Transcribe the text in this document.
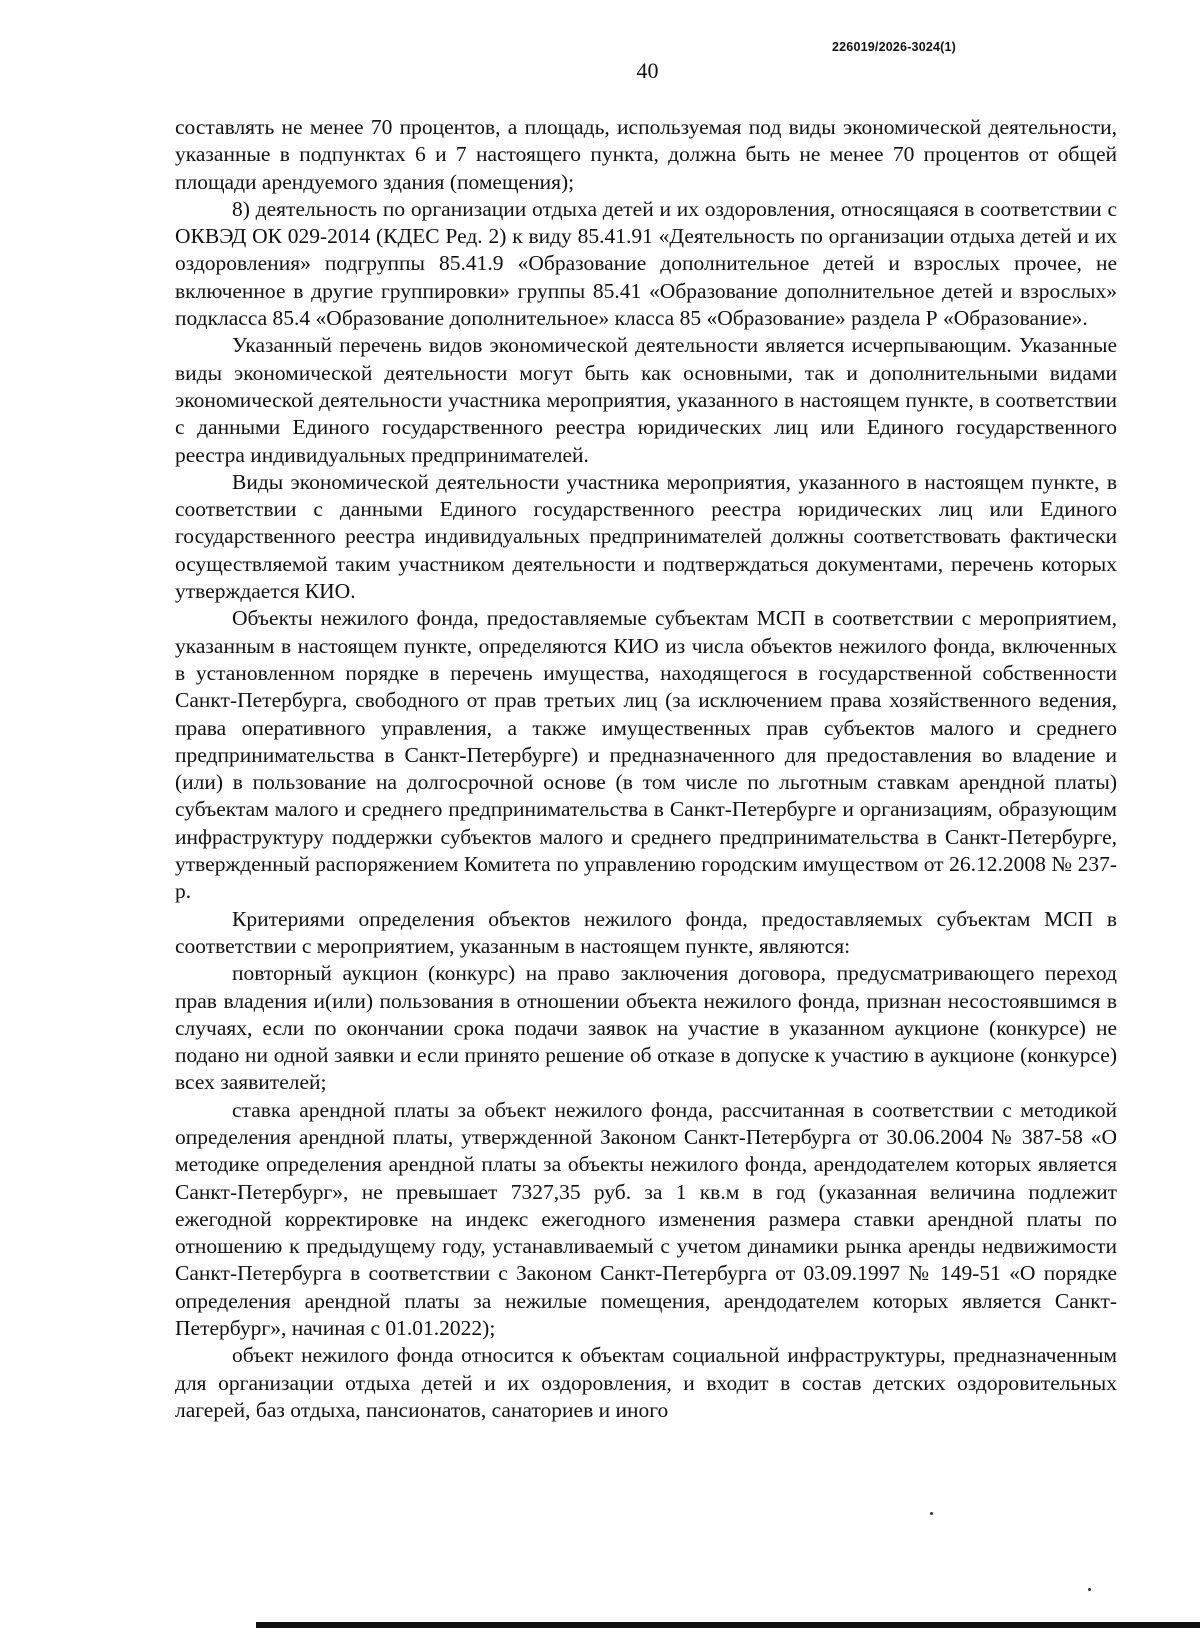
226019/2026-3024(1)
40

составлять не менее 70 процентов, а площадь, используемая под виды экономической деятельности, указанные в подпунктах 6 и 7 настоящего пункта, должна быть не менее 70 процентов от общей площади арендуемого здания (помещения);

8) деятельность по организации отдыха детей и их оздоровления, относящаяся в соответствии с ОКВЭД ОК 029-2014 (КДЕС Ред. 2) к виду 85.41.91 «Деятельность по организации отдыха детей и их оздоровления» подгруппы 85.41.9 «Образование дополнительное детей и взрослых прочее, не включенное в другие группировки» группы 85.41 «Образование дополнительное детей и взрослых» подкласса 85.4 «Образование дополнительное» класса 85 «Образование» раздела Р «Образование».

Указанный перечень видов экономической деятельности является исчерпывающим. Указанные виды экономической деятельности могут быть как основными, так и дополнительными видами экономической деятельности участника мероприятия, указанного в настоящем пункте, в соответствии с данными Единого государственного реестра юридических лиц или Единого государственного реестра индивидуальных предпринимателей.

Виды экономической деятельности участника мероприятия, указанного в настоящем пункте, в соответствии с данными Единого государственного реестра юридических лиц или Единого государственного реестра индивидуальных предпринимателей должны соответствовать фактически осуществляемой таким участником деятельности и подтверждаться документами, перечень которых утверждается КИО.

Объекты нежилого фонда, предоставляемые субъектам МСП в соответствии с мероприятием, указанным в настоящем пункте, определяются КИО из числа объектов нежилого фонда, включенных в установленном порядке в перечень имущества, находящегося в государственной собственности Санкт-Петербурга, свободного от прав третьих лиц (за исключением права хозяйственного ведения, права оперативного управления, а также имущественных прав субъектов малого и среднего предпринимательства в Санкт-Петербурге) и предназначенного для предоставления во владение и (или) в пользование на долгосрочной основе (в том числе по льготным ставкам арендной платы) субъектам малого и среднего предпринимательства в Санкт-Петербурге и организациям, образующим инфраструктуру поддержки субъектов малого и среднего предпринимательства в Санкт-Петербурге, утвержденный распоряжением Комитета по управлению городским имуществом от 26.12.2008 № 237-р.

Критериями определения объектов нежилого фонда, предоставляемых субъектам МСП в соответствии с мероприятием, указанным в настоящем пункте, являются:

повторный аукцион (конкурс) на право заключения договора, предусматривающего переход прав владения и(или) пользования в отношении объекта нежилого фонда, признан несостоявшимся в случаях, если по окончании срока подачи заявок на участие в указанном аукционе (конкурсе) не подано ни одной заявки и если принято решение об отказе в допуске к участию в аукционе (конкурсе) всех заявителей;

ставка арендной платы за объект нежилого фонда, рассчитанная в соответствии с методикой определения арендной платы, утвержденной Законом Санкт-Петербурга от 30.06.2004 № 387-58 «О методике определения арендной платы за объекты нежилого фонда, арендодателем которых является Санкт-Петербург», не превышает 7327,35 руб. за 1 кв.м в год (указанная величина подлежит ежегодной корректировке на индекс ежегодного изменения размера ставки арендной платы по отношению к предыдущему году, устанавливаемый с учетом динамики рынка аренды недвижимости Санкт-Петербурга в соответствии с Законом Санкт-Петербурга от 03.09.1997 № 149-51 «О порядке определения арендной платы за нежилые помещения, арендодателем которых является Санкт-Петербург», начиная с 01.01.2022);

объект нежилого фонда относится к объектам социальной инфраструктуры, предназначенным для организации отдыха детей и их оздоровления, и входит в состав детских оздоровительных лагерей, баз отдыха, пансионатов, санаториев и иного
